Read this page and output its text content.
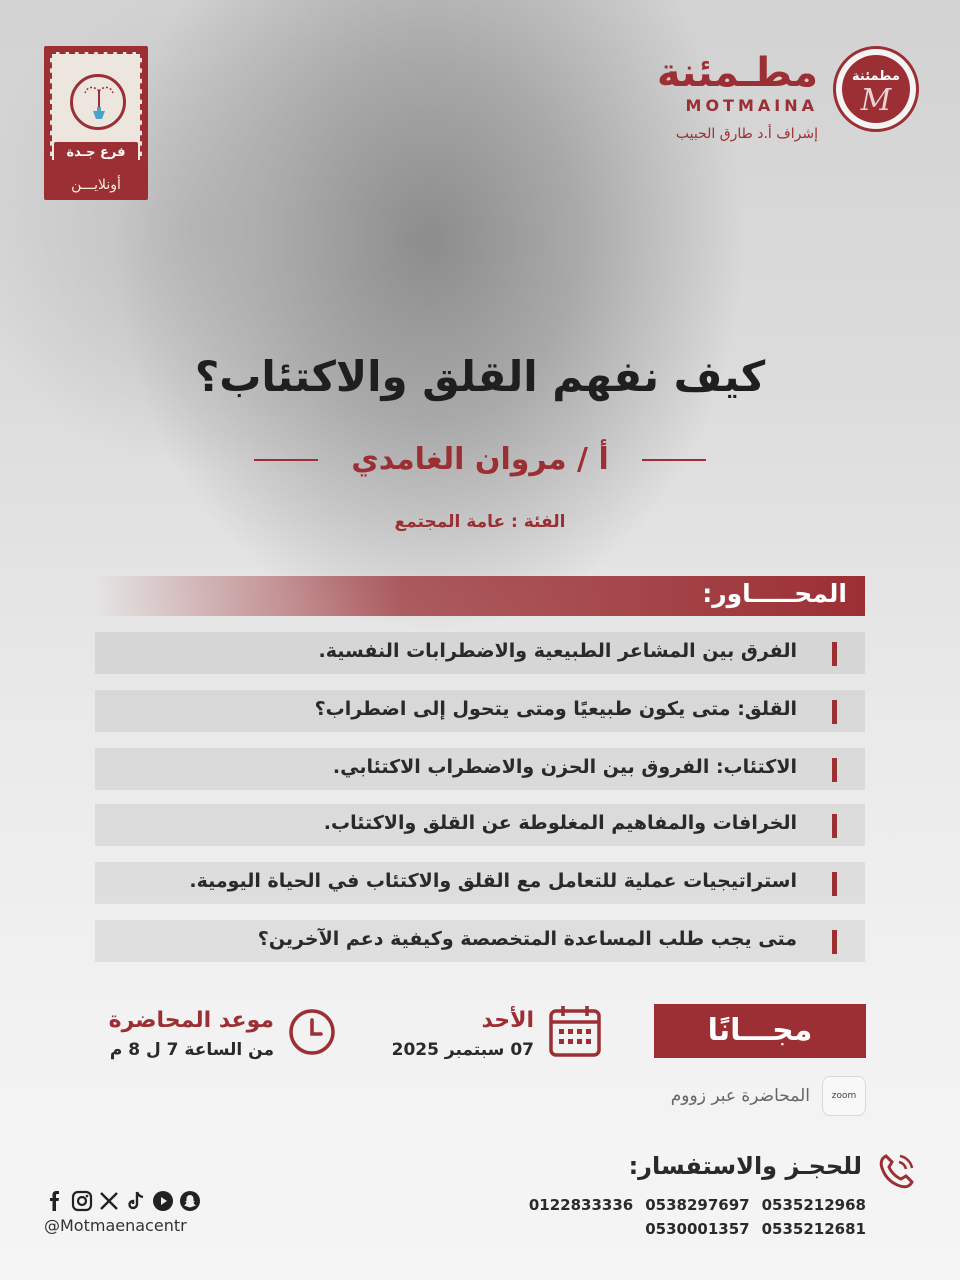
فرع جـدة
أونلايـــن
مطمئنة
M
مطـمئنة
MOTMAINA
إشراف أ.د طارق الحبيب
كيف نفهم القلق والاكتئاب؟
أ / مروان الغامدي
الفئة : عامة المجتمع
المحـــــاور:
الفرق بين المشاعر الطبيعية والاضطرابات النفسية.
القلق: متى يكون طبيعيًا ومتى يتحول إلى اضطراب؟
الاكتئاب: الفروق بين الحزن والاضطراب الاكتئابي.
الخرافات والمفاهيم المغلوطة عن القلق والاكتئاب.
استراتيجيات عملية للتعامل مع القلق والاكتئاب في الحياة اليومية.
متى يجب طلب المساعدة المتخصصة وكيفية دعم الآخرين؟
مجـــانًا
zoom
المحاضرة عبر زووم
الأحد
07 سبتمبر 2025
موعد المحاضرة
من الساعة 7 ل 8 م
للحجـز والاستفسار:
0122833336 0538297697 0535212968
0530001357 0535212681
@Motmaenacentr
